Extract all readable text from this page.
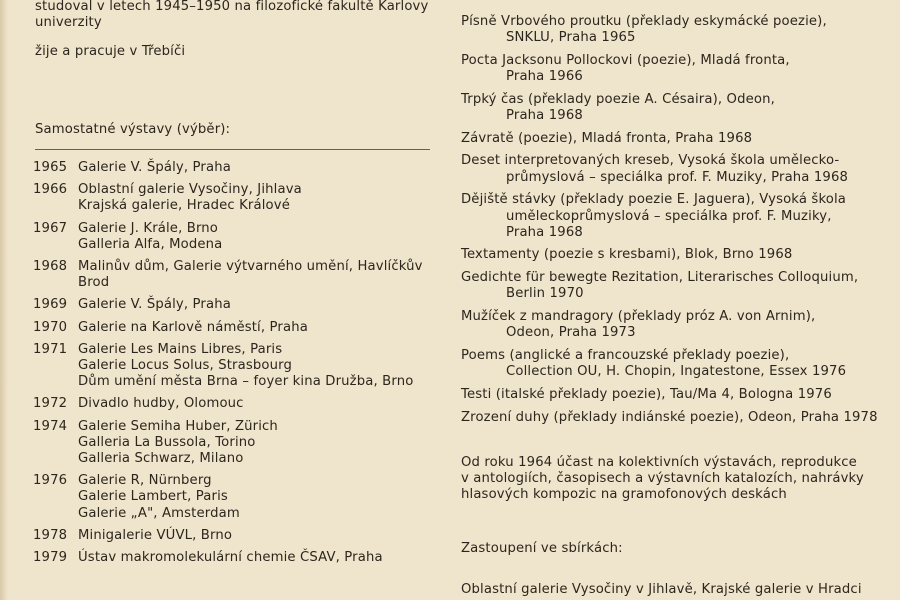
studoval v letech 1945–1950 na filozofické fakultě Karlovy
univerzity
žije a pracuje v Třebíči
Samostatné výstavy (výběr):
1965 Galerie V. Špály, Praha
1966 Oblastní galerie Vysočiny, Jihlava
Krajská galerie, Hradec Králové
1967 Galerie J. Krále, Brno
Galleria Alfa, Modena
1968 Malinův dům, Galerie výtvarného umění, Havlíčkův
Brod
1969 Galerie V. Špály, Praha
1970 Galerie na Karlově náměstí, Praha
1971 Galerie Les Mains Libres, Paris
Galerie Locus Solus, Strasbourg
Dům umění města Brna – foyer kina Družba, Brno
1972 Divadlo hudby, Olomouc
1974 Galerie Semiha Huber, Zürich
Galleria La Bussola, Torino
Galleria Schwarz, Milano
1976 Galerie R, Nürnberg
Galerie Lambert, Paris
Galerie „A", Amsterdam
1978 Minigalerie VÚVL, Brno
1979 Ústav makromolekulární chemie ČSAV, Praha
Písně Vrbového proutku (překlady eskymácké poezie),
SNKLU, Praha 1965
Pocta Jacksonu Pollockovi (poezie), Mladá fronta,
Praha 1966
Trpký čas (překlady poezie A. Césaira), Odeon,
Praha 1968
Závratě (poezie), Mladá fronta, Praha 1968
Deset interpretovaných kreseb, Vysoká škola umělecko-
průmyslová – speciálka prof. F. Muziky, Praha 1968
Dějiště stávky (překlady poezie E. Jaguera), Vysoká škola
uměleckoprůmyslová – speciálka prof. F. Muziky,
Praha 1968
Textamenty (poezie s kresbami), Blok, Brno 1968
Gedichte für bewegte Rezitation, Literarisches Colloquium,
Berlin 1970
Mužíček z mandragory (překlady próz A. von Arnim),
Odeon, Praha 1973
Poems (anglické a francouzské překlady poezie),
Collection OU, H. Chopin, Ingatestone, Essex 1976
Testi (italské překlady poezie), Tau/Ma 4, Bologna 1976
Zrození duhy (překlady indiánské poezie), Odeon, Praha 1978
Od roku 1964 účast na kolektivních výstavách, reprodukce
v antologiích, časopisech a výstavních katalozích, nahrávky
hlasových kompozic na gramofonových deskách
Zastoupení ve sbírkách:
Oblastní galerie Vysočiny v Jihlavě, Krajské galerie v Hradci
